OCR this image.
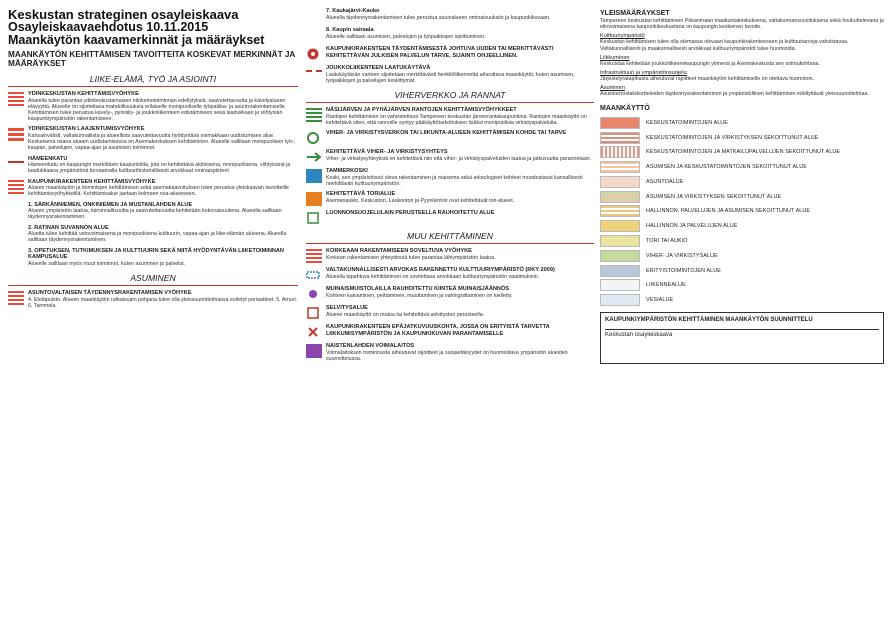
Keskustan strateginen osayleiskaava
Osayleiskaavaehdotus 10.11.2015
Maankäytön kaavamerkinnät ja määräykset
MAANKÄYTÖN KEHITTÄMISEN TAVOITTEITA KOSKEVAT MERKINNÄT JA MÄÄRÄYKSET
LIIKE-ELÄMÄ, TYÖ JA ASIOINTI
YDINKESKUSTAN KEHITTÄMISVYÖHYKE
Alueella tulee parantaa ydinkeskustamaisen elinkeinotoiminnan edellytyksiä, saavutettavuutta ja kävelyalueen elävyyttä. Alueelle on sijoitettava mahdollisuuksia erilaiselle monipuoliselle työpaikka- ja asuntorakentamiselle. Kehittämisen tulee perustua kävely-, pyöräily- ja joukkoliikenteen edistämiseen sekä laadukkaan ja viihtyisän kaupunkiympäristön rakentamiseen.
YDINKESKUSTAN LAAJENTUMISVYÖHYKE
Kansainvälisti, valtakunnallista ja alueellista saavutettavuutta hyödyntävä voimakkaan uudistumisen alue. Keskeisenä osana alueen uudistamisessa on Asemakeskuksen kehittäminen. Alueelle sallitaan monipuolisen työ-, kaupan, palvelujen, vapaa-ajan ja asumisen toiminnot.
HÄMEENKATU
Hämeenkatu on kaupungin merkittävin kaupunkitila, jota on kehitettävä aktiivisena, monipuolisena, viihtyisänä ja laadukkaana ympäristönä turvaamalla kulttuurihistoriallisesti arvokkaat ominaispiirteet.
KAUPUNKIRAKENTEEN KEHITTÄMISVYÖHYKE
Alueen maankäytön ja toimintojen kehittämisen sekä asemakaavoituksen tulee perustua yleiskaavan tavoitteille kehittämisvyöhykkeillä. Kehittämisalue jaetaan kolmeen osa-alueeseen.
1. SÄRKÄNNIEMEN, ONKINIEMEN JA MUSTANLAHDEN ALUE
Alueen ympäristön laatua, toiminnallisuutta ja saavutettavuutta kehitetään kokonaisuutena. Alueella sallitaan täydennysrakentaminen.
2. RATINAN SUVANNON ALUE
Aluetta tulee kehittää vetovoimaisena ja monipuolisena kulttuurin, vapaa-ajan ja liike-elämän alueena. Alueella sallitaan täydennysrakentaminen.
3. OPETUKSEN, TUTKIMUKSEN JA KULTTUURIN SEKÄ NIITÄ HYÖDYNTÄVÄN LIIKETOIMINNAN KAMPUSALUE
Alueelle sallitaan myös muut toiminnot, kuten asuminen ja palvelut.
ASUMINEN
ASUNTOVALTAISEN TÄYDENNYSRAKENTAMISEN VYÖHYKE
4. Eteläpuisto. Alueen maankäytön ratkaisujen pohjana tulee olla yleissuunnitelmassa esitetyt periaatteet. 5. Amuri. 6. Tammela.
7. Kaukajärvi-Kauko
Alueella täydennysrakentamisen tulee perustua asuinalueen ominaisuuksiin ja kaupunkikuvaan.
8. Kaupin sairaala
Alueelle sallitaan asumisen, palvelujen ja työpaikkojen sijoittuminen.
KAUPUNKIRAKENTEEN TÄYDENTÄMISESTÄ JOHTUVA UUDEN TAI MERKITTÄVÄSTI KEHITETTÄVÄN JULKISEN PALVELUN TARVE, SIJAINTI OHJEELLINEN.
JOUKKOLIIKENTEEN LAATUKÄYTÄVÄ
Laatukäytävän varteen sijoitetaan merkittävästi henkilöliikennettä aiheuttava maankäyttö, kuten asumisen, työpaikkojen ja palvelujen keskittymät.
VIHERVERKKO JA RANNAT
NÄSIJÄRVEN JA PYHÄJÄRVEN RANTOJEN KEHITTÄMISVYÖHYKKEET
Rantojen kehittämisen on vahvistettava Tampereen keskustan järvenrantakaupunkina. Rantojen maankäyttö on kehitettävä siten, että rannoille syntyy pääkäyttötarkoituksen lisäksi monipuolisia virkistyspalveluita.
VIHER- JA VIRKISTYSVERKON TAI LIIKUNTA-ALUEEN KEHITTÄMISEN KOHDE TAI TARVE
KEHITETTÄVÄ VIHER- JA VIRKISTYSYHTEYS
Viher- ja virkistysyhteyksiä on kehitettävä niin että viher- ja virkistyspalveluiden laatua ja jatkuvuutta parannetaan.
TAMMERKOSKI
Koski, sen ympäristössä oleva rakentaminen ja maisema sekä arkeologiset kohteet muodostavat kansallisesti merkittävän kulttuuriympäristön.
KEHITETTÄVÄ TORIALUE
Asemanaukio, Keskustori, Laukontori ja Pyynikintori ovat kehitettävät tori-alueet.
LUONNONSUOJELULAIN PERUSTEELLA RAUHOITETTU ALUE
MUU KEHITTÄMINEN
KORKEAAN RAKENTAMISEEN SOVELTUVA VYÖHYKE
Korkean rakentamisen yhteydessä tulee parantaa lähiympäristön laatua.
VALTAKUNNALLISESTI ARVOKAS RAKENNETTU KULTTUURIYMPÄRISTÖ (RKY 2009)
Alueella tapahtuva kehittäminen on sovitettava arvokkaan kulttuuriympäristön vaatimuksiin.
MUINAISMUISTOLAILLA RAUHOITETTU KIINTEÄ MUINAISJÄÄNNÖS
Kohteen kaivaminen, peittäminen, muuttaminen ja vahingoittaminen on kielletty.
SELVITYSALUE
Alueen maankäyttö on mutoa tai kehitettävä selvitysten perusteella.
KAUPUNKIRAKENTEEN EPÄJATKUVUUSKOHTA, JOSSA ON ERITYISTÄ TARVETTA LIIKKUMISYMPÄRISTÖN JA KAUPUNKIKUVAN PARANTAMISELLE
NAISTENLAHDEN VOIMALAITOS
Voimalaitoksen toiminnasta aiheutuvat rajoitteet ja suojaetäisyydet on huomioitava ympäristön alueiden suunnittelussa.
YLEISMÄÄRÄYKSET
Tampereen keskustan kehittäminen Pirkanmaan maakuntakeskuksena, valtakunnansuosituksena sekä houkuttelevana ja elinvoimaisena kaupunkikeskustana on kaupungin keskeinen tavoite.
Kulttuuriympäristö
Keskustan kehittämisen tulee olla olemassa olevaan kaupunkirakenteeseen ja kulttuuriarvoja vahvistavaa. Valtakunnallisesti ja maakunnallisesti arvokkaat kulttuuriympäristöt tulee huomioida.
Liikkuminen
Keskustaa kehitetään joukkoliikennekaupungin ytimenä ja Asemakeskusta sen solmukohtana.
Infrastruktuuri ja ympäristönsuojelu
Järjestelyratapihasta aiheutuvat rajoitteet maankäytön kehittämiselle on otettava huomioon.
Asuminen
Asuinkerrostalokortteleiden täydennysrakentaminen ja ympäristöllinen kehittäminen edellyttävät yleissuunnitelmaa.
MAANKÄYTTÖ
KESKUSTATOIMINTOJEN ALUE
KESKUSTATOIMINTOJEN JA VIRKISTYKSEN SEKOITTUNUT ALUE
KESKUSTATOIMINTOJEN JA MATKAILUPALVELUJEN SEKOITTUNUT ALUE
ASUMISEN JA KESKUSTATOIMINTOJEN SEKOITTUNUT ALUE
ASUNTOALUE
ASUMISEN JA VIRKISTYKSEN SEKOITTUNUT ALUE
HALLINNON, PALVELUJEN JA ASUMISEN SEKOITTUNUT ALUE
HALLINNON JA PALVELUJEN ALUE
TORI TAI AUKIO
VIHER- JA VIRKISTYSALUE
ERITYISTOIMINTOJEN ALUE
LIIKENNEALUE
VESIALUE
KAUPUNKIYMPÄRISTÖN KEHITTÄMINEN MAANKÄYTÖN SUUNNITTELU
Keskustan osayleiskaava
